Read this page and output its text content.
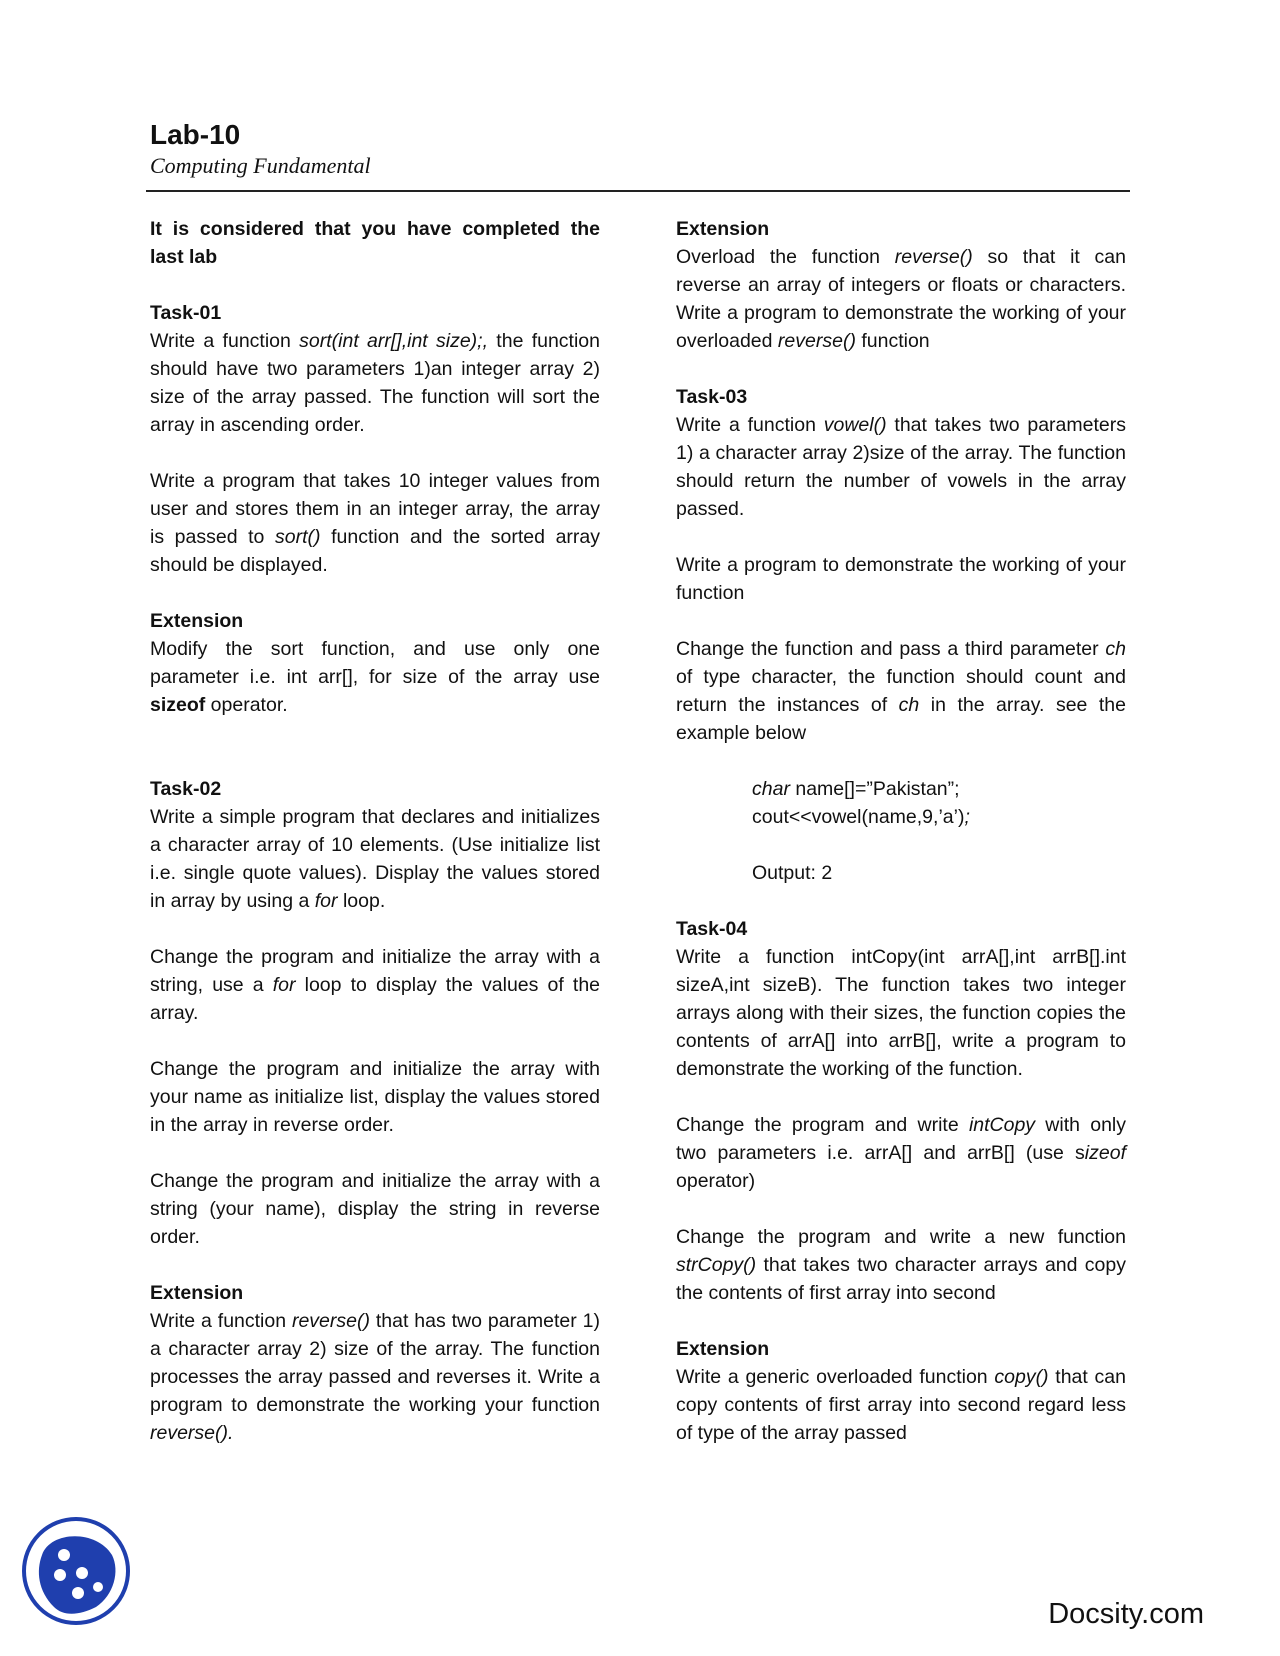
Lab-10

Computing Fundamental

It is considered that you have completed the last lab

Task-01

Write a function sort(int arr[],int size);, the function should have two parameters 1)an integer array 2) size of the array passed. The function will sort the array in ascending order.

Write a program that takes 10 integer values from user and stores them in an integer array, the array is passed to sort() function and the sorted array should be displayed.

Extension

Modify the sort function, and use only one parameter i.e. int arr[], for size of the array use sizeof operator.

Task-02

Write a simple program that declares and initializes a character array of 10 elements. (Use initialize list i.e. single quote values). Display the values stored in array by using a for loop.

Change the program and initialize the array with a string, use a for loop to display the values of the array.

Change the program and initialize the array with your name as initialize list, display the values stored in the array in reverse order.

Change the program and initialize the array with a string (your name), display the string in reverse order.

Extension

Write a function reverse() that has two parameter 1) a character array 2) size of the array. The function processes the array passed and reverses it. Write a program to demonstrate the working your function reverse().

Extension

Overload the function reverse() so that it can reverse an array of integers or floats or characters. Write a program to demonstrate the working of your overloaded reverse() function

Task-03

Write a function vowel() that takes two parameters 1) a character array 2)size of the array. The function should return the number of vowels in the array passed.

Write a program to demonstrate the working of your function

Change the function and pass a third parameter ch of type character, the function should count and return the instances of ch in the array. see the example below

char name[]=”Pakistan”;

cout<<vowel(name,9,’a’);

Output: 2

Task-04

Write a function intCopy(int arrA[],int arrB[].int sizeA,int sizeB). The function takes two integer arrays along with their sizes, the function copies the contents of arrA[] into arrB[], write a program to demonstrate the working of the function.

Change the program and write intCopy with only two parameters i.e. arrA[] and arrB[] (use sizeof operator)

Change the program and write a new function strCopy() that takes two character arrays and copy the contents of first array into second

Extension

Write a generic overloaded function copy() that can copy contents of first array into second regard less of type of the array passed

Docsity.com
